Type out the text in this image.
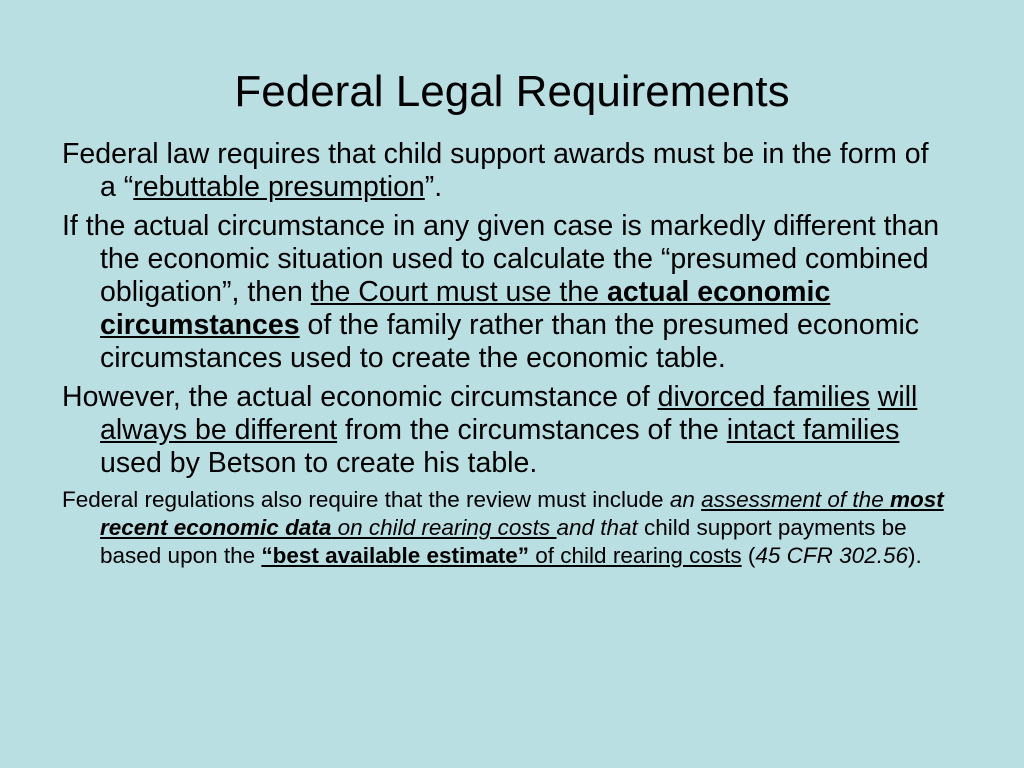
Federal Legal Requirements

Federal law requires that child support awards must be in the form of a “rebuttable presumption”.

If the actual circumstance in any given case is markedly different than the economic situation used to calculate the “presumed combined obligation”, then the Court must use the actual economic circumstances of the family rather than the presumed economic circumstances used to create the economic table.

However, the actual economic circumstance of divorced families will always be different from the circumstances of the intact families used by Betson to create his table.

Federal regulations also require that the review must include an assessment of the most recent economic data on child rearing costs and that child support payments be based upon the “best available estimate” of child rearing costs (45 CFR 302.56).
